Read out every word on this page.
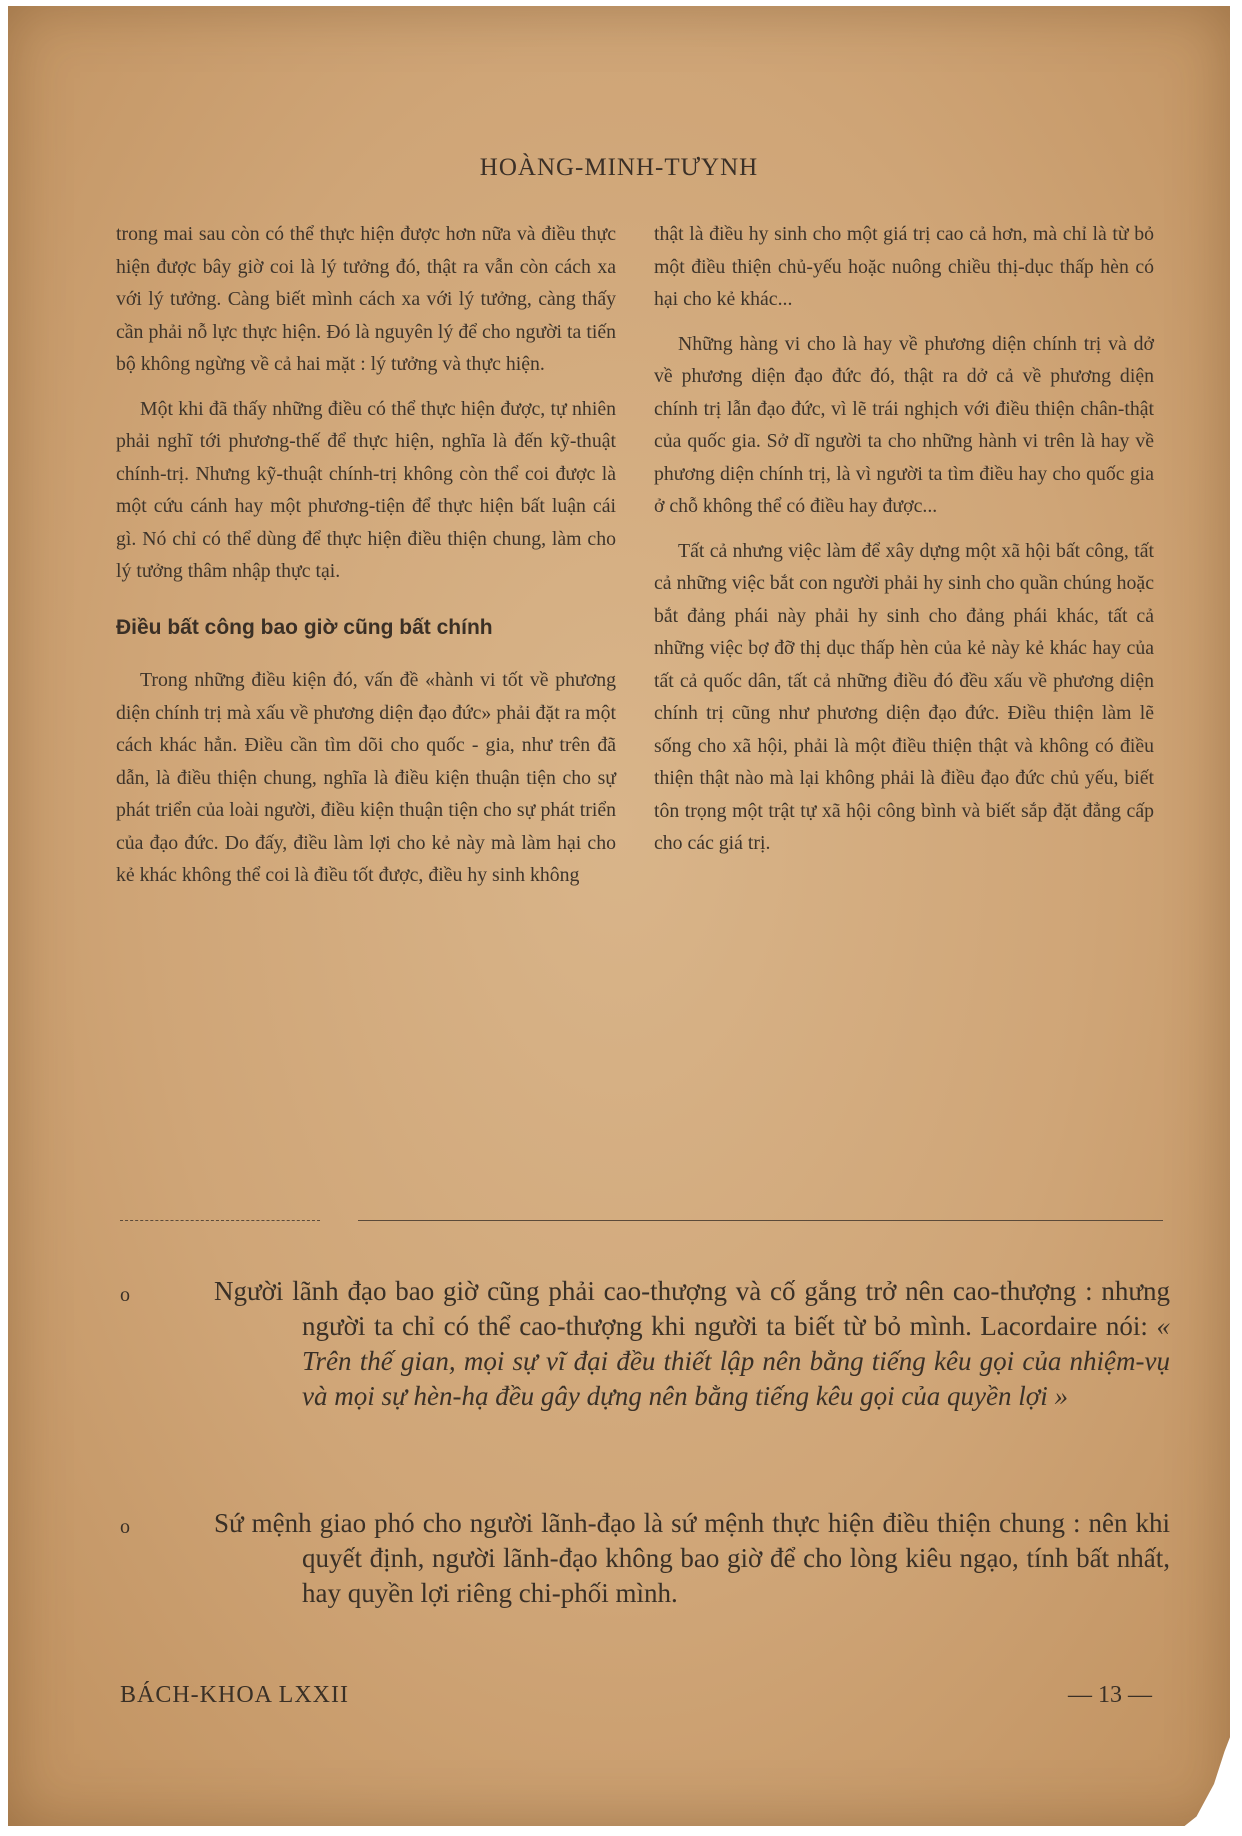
HOÀNG-MINH-TƯYNH

trong mai sau còn có thể thực hiện được hơn nữa và điều thực hiện được bây giờ coi là lý tưởng đó, thật ra vẫn còn cách xa với lý tưởng. Càng biết mình cách xa với lý tưởng, càng thấy cần phải nỗ lực thực hiện. Đó là nguyên lý để cho người ta tiến bộ không ngừng về cả hai mặt : lý tưởng và thực hiện.

Một khi đã thấy những điều có thể thực hiện được, tự nhiên phải nghĩ tới phương-thế để thực hiện, nghĩa là đến kỹ-thuật chính-trị. Nhưng kỹ-thuật chính-trị không còn thể coi được là một cứu cánh hay một phương-tiện để thực hiện bất luận cái gì. Nó chỉ có thể dùng để thực hiện điều thiện chung, làm cho lý tưởng thâm nhập thực tại.

Điều bất công bao giờ cũng bất chính

Trong những điều kiện đó, vấn đề «hành vi tốt về phương diện chính trị mà xấu về phương diện đạo đức» phải đặt ra một cách khác hẳn. Điều cần tìm dõi cho quốc - gia, như trên đã dẫn, là điều thiện chung, nghĩa là điều kiện thuận tiện cho sự phát triển của loài người, điều kiện thuận tiện cho sự phát triển của đạo đức. Do đấy, điều làm lợi cho kẻ này mà làm hại cho kẻ khác không thể coi là điều tốt được, điều hy sinh không

thật là điều hy sinh cho một giá trị cao cả hơn, mà chỉ là từ bỏ một điều thiện chủ-yếu hoặc nuông chiều thị-dục thấp hèn có hại cho kẻ khác...

Những hàng vi cho là hay về phương diện chính trị và dở về phương diện đạo đức đó, thật ra dở cả về phương diện chính trị lẫn đạo đức, vì lẽ trái nghịch với điều thiện chân-thật của quốc gia. Sở dĩ người ta cho những hành vi trên là hay về phương diện chính trị, là vì người ta tìm điều hay cho quốc gia ở chỗ không thể có điều hay được...

Tất cả nhưng việc làm để xây dựng một xã hội bất công, tất cả những việc bắt con người phải hy sinh cho quần chúng hoặc bắt đảng phái này phải hy sinh cho đảng phái khác, tất cả những việc bợ đỡ thị dục thấp hèn của kẻ này kẻ khác hay của tất cả quốc dân, tất cả những điều đó đều xấu về phương diện chính trị cũng như phương diện đạo đức. Điều thiện làm lẽ sống cho xã hội, phải là một điều thiện thật và không có điều thiện thật nào mà lại không phải là điều đạo đức chủ yếu, biết tôn trọng một trật tự xã hội công bình và biết sắp đặt đẳng cấp cho các giá trị.

o	Người lãnh đạo bao giờ cũng phải cao-thượng và cố gắng trở nên cao-thượng : nhưng người ta chỉ có thể cao-thượng khi người ta biết từ bỏ mình. Lacordaire nói: « Trên thế gian, mọi sự vĩ đại đều thiết lập nên bằng tiếng kêu gọi của nhiệm-vụ và mọi sự hèn-hạ đều gây dựng nên bằng tiếng kêu gọi của quyền lợi »
o	Sứ mệnh giao phó cho người lãnh-đạo là sứ mệnh thực hiện điều thiện chung : nên khi quyết định, người lãnh-đạo không bao giờ để cho lòng kiêu ngạo, tính bất nhất, hay quyền lợi riêng chi-phối mình.
BÁCH-KHOA LXXII	— 13 —
